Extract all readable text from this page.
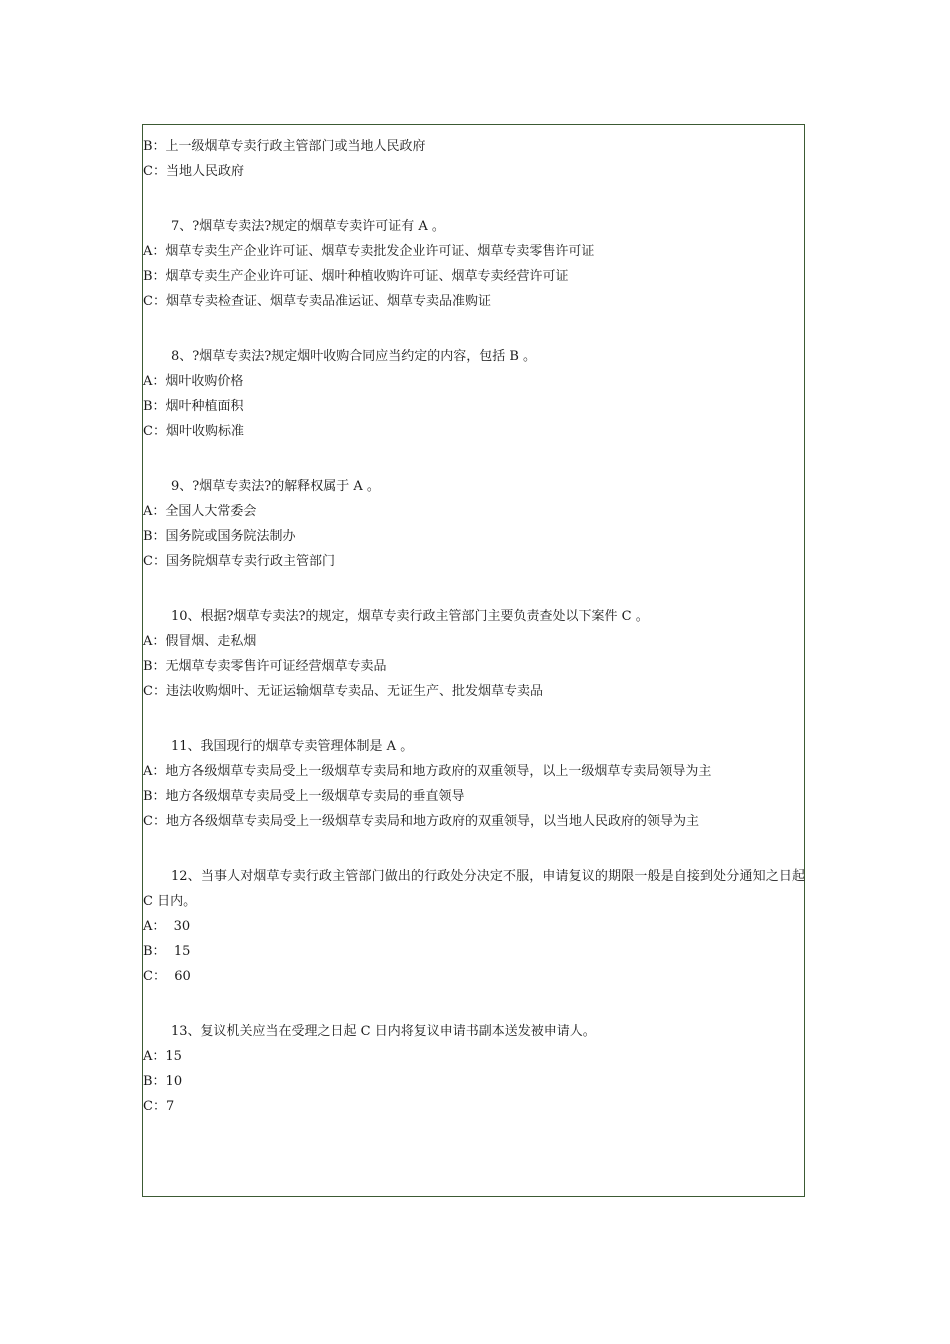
B：上一级烟草专卖行政主管部门或当地人民政府
C：当地人民政府
7、?烟草专卖法?规定的烟草专卖许可证有 A 。
A：烟草专卖生产企业许可证、烟草专卖批发企业许可证、烟草专卖零售许可证
B：烟草专卖生产企业许可证、烟叶种植收购许可证、烟草专卖经营许可证
C：烟草专卖检查证、烟草专卖品准运证、烟草专卖品准购证
8、?烟草专卖法?规定烟叶收购合同应当约定的内容，包括 B 。
A：烟叶收购价格
B：烟叶种植面积
C：烟叶收购标准
9、?烟草专卖法?的解释权属于 A 。
A：全国人大常委会
B：国务院或国务院法制办
C：国务院烟草专卖行政主管部门
10、根据?烟草专卖法?的规定，烟草专卖行政主管部门主要负责查处以下案件 C 。
A：假冒烟、走私烟
B：无烟草专卖零售许可证经营烟草专卖品
C：违法收购烟叶、无证运输烟草专卖品、无证生产、批发烟草专卖品
11、我国现行的烟草专卖管理体制是 A 。
A：地方各级烟草专卖局受上一级烟草专卖局和地方政府的双重领导，以上一级烟草专卖局领导为主
B：地方各级烟草专卖局受上一级烟草专卖局的垂直领导
C：地方各级烟草专卖局受上一级烟草专卖局和地方政府的双重领导，以当地人民政府的领导为主
12、当事人对烟草专卖行政主管部门做出的行政处分决定不服，申请复议的期限一般是自接到处分通知之日起 C 日内。
A：  30
B：  15
C：  60
13、复议机关应当在受理之日起 C 日内将复议申请书副本送发被申请人。
A：15
B：10
C：7
